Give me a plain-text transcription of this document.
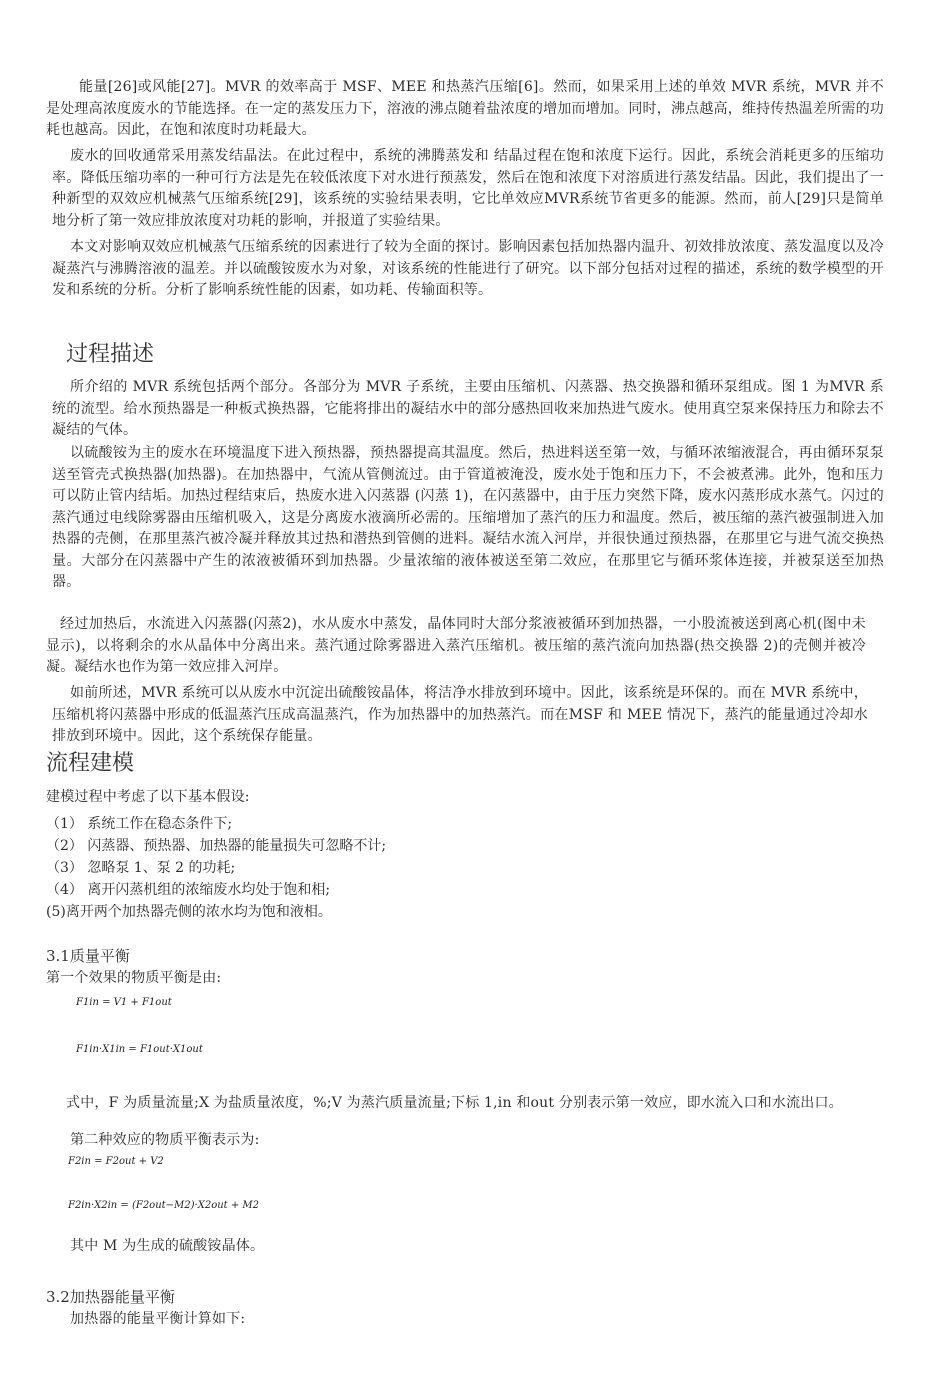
能量[26]或风能[27]。MVR 的效率高于 MSF、MEE 和热蒸汽压缩[6]。然而，如果采用上述的单效 MVR 系统，MVR 并不是处理高浓度废水的节能选择。在一定的蒸发压力下，溶液的沸点随着盐浓度的增加而增加。同时，沸点越高，维持传热温差所需的功耗也越高。因此，在饱和浓度时功耗最大。

废水的回收通常采用蒸发结晶法。在此过程中，系统的沸腾蒸发和 结晶过程在饱和浓度下运行。因此，系统会消耗更多的压缩功率。降低压缩功率的一种可行方法是先在较低浓度下对水进行预蒸发，然后在饱和浓度下对溶质进行蒸发结晶。因此，我们提出了一种新型的双效应机械蒸气压缩系统[29]，该系统的实验结果表明，它比单效应MVR系统节省更多的能源。然而，前人[29]只是简单地分析了第一效应排放浓度对功耗的影响，并报道了实验结果。

本文对影响双效应机械蒸气压缩系统的因素进行了较为全面的探讨。影响因素包括加热器内温升、初效排放浓度、蒸发温度以及冷凝蒸汽与沸腾溶液的温差。并以硫酸铵废水为对象，对该系统的性能进行了研究。以下部分包括对过程的描述，系统的数学模型的开发和系统的分析。分析了影响系统性能的因素，如功耗、传输面积等。

过程描述

所介绍的 MVR 系统包括两个部分。各部分为 MVR 子系统，主要由压缩机、闪蒸器、热交换器和循环泵组成。图 1 为MVR 系统的流型。给水预热器是一种板式换热器，它能将排出的凝结水中的部分感热回收来加热进气废水。使用真空泵来保持压力和除去不凝结的气体。

以硫酸铵为主的废水在环境温度下进入预热器，预热器提高其温度。然后，热进料送至第一效，与循环浓缩液混合，再由循环泵泵送至管壳式换热器(加热器)。在加热器中，气流从管侧流过。由于管道被淹没，废水处于饱和压力下，不会被煮沸。此外，饱和压力可以防止管内结垢。加热过程结束后，热废水进入闪蒸器 (闪蒸 1)，在闪蒸器中，由于压力突然下降，废水闪蒸形成水蒸气。闪过的蒸汽通过电线除雾器由压缩机吸入，这是分离废水液滴所必需的。压缩增加了蒸汽的压力和温度。然后，被压缩的蒸汽被强制进入加热器的壳侧，在那里蒸汽被冷凝并释放其过热和潜热到管侧的进料。凝结水流入河岸，并很快通过预热器，在那里它与进气流交换热量。大部分在闪蒸器中产生的浓液被循环到加热器。少量浓缩的液体被送至第二效应，在那里它与循环浆体连接，并被泵送至加热器。

经过加热后，水流进入闪蒸器(闪蒸2)，水从废水中蒸发，晶体同时大部分浆液被循环到加热器，一小股流被送到离心机(图中未显示)，以将剩余的水从晶体中分离出来。蒸汽通过除雾器进入蒸汽压缩机。被压缩的蒸汽流向加热器(热交换器 2)的壳侧并被冷凝。凝结水也作为第一效应排入河岸。

如前所述，MVR 系统可以从废水中沉淀出硫酸铵晶体，将洁净水排放到环境中。因此，该系统是环保的。而在 MVR 系统中，压缩机将闪蒸器中形成的低温蒸汽压成高温蒸汽，作为加热器中的加热蒸汽。而在MSF 和 MEE 情况下，蒸汽的能量通过冷却水排放到环境中。因此，这个系统保存能量。

流程建模

建模过程中考虑了以下基本假设:

（1） 系统工作在稳态条件下;
（2） 闪蒸器、预热器、加热器的能量损失可忽略不计;
（3） 忽略泵 1、泵 2 的功耗;
（4） 离开闪蒸机组的浓缩废水均处于饱和相;
(5)离开两个加热器壳侧的浓水均为饱和液相。
3.1质量平衡

第一个效果的物质平衡是由:

F1in = V1 + F1out
F1in·X1in = F1out·X1out

式中，F 为质量流量;X 为盐质量浓度，%;V 为蒸汽质量流量;下标 1,in 和out 分别表示第一效应，即水流入口和水流出口。

第二种效应的物质平衡表示为:

F2in = F2out + V2
F2in·X2in = (F2out−M2)·X2out + M2

其中 M 为生成的硫酸铵晶体。

3.2加热器能量平衡

加热器的能量平衡计算如下:
